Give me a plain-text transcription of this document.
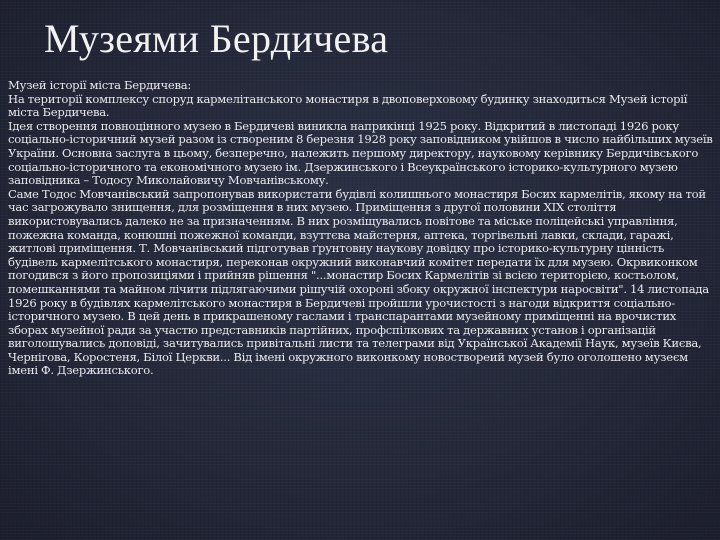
Музеями Бердичева

Музей історії міста Бердичева:

На території комплексу споруд кармелітанського монастиря в двоповерховому будинку знаходиться Музей історії міста Бердичева.

Ідея створення повноцінного музею в Бердичеві виникла наприкінці 1925 року. Відкритий в листопаді 1926 року соціально-історичний музей разом із створеним 8 березня 1928 року заповідником увійшов в число найбільших музеїв України. Основна заслуга в цьому, безперечно, належить першому директору, науковому керівнику Бердичівського соціально-історичного та економічного музею ім. Дзержинського і Всеукраїнського історико-культурного музею заповідника – Тодосу Миколайовичу Мовчанівському.

Саме Тодос Мовчанівський запропонував використати будівлі колишнього монастиря Босих кармелітів, якому на той час загрожувало знищення, для розміщення в них музею. Приміщення з другої половини ХІХ століття використовувались далеко не за призначенням. В них розміщувались повітове та міське поліцейські управління, пожежна команда, конюшні пожежної команди, взуттєва майстерня, аптека, торгівельні лавки, склади, гаражі, житлові приміщення. Т. Мовчанівський підготував ґрунтовну наукову довідку про історико-культурну цінність будівель кармелітського монастиря, переконав окружний виконавчий комітет передати їх для музею. Окрвиконком погодився з його пропозиціями і прийняв рішення "...монастир Босих Кармелітів зі всією територією, костьолом, помешканнями та майном лічити підлягаючими рішучій охороні збоку окружної інспектури наросвіти". 14 листопада 1926 року в будівлях кармелітського монастиря в Бердичеві пройшли урочистості з нагоди відкриття соціально-історичного музею. В цей день в прикрашеному гаслами і транспарантами музейному приміщенні на врочистих зборах музейної ради за участю представників партійних, профспілкових та державних установ і організацій виголошувались доповіді, зачитувались привітальні листи та телеграми від Української Академії Наук, музеїв Києва, Чернігова, Коростеня, Білої Церкви... Від імені окружного виконкому новоствореий музей було оголошено музеєм імені Ф. Дзержинського.
